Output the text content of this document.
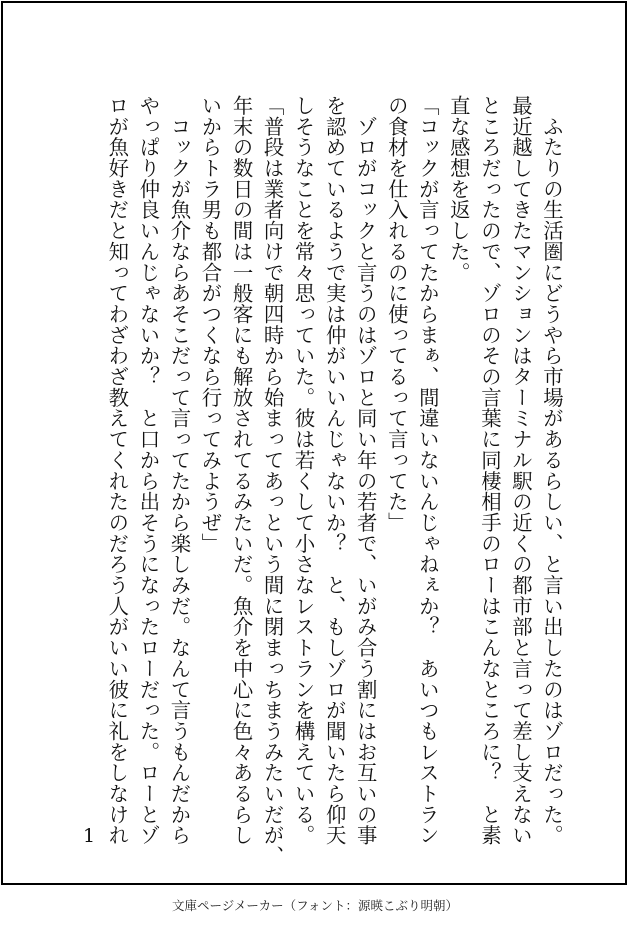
　ふたりの生活圏にどうやら市場があるらしい、と言い出したのはゾロだった。

最近越してきたマンションはターミナル駅の近くの都市部と言って差し支えない

ところだったので、ゾロのその言葉に同棲相手のローはこんなところに？　と素

直な感想を返した。

「コックが言ってたからまぁ、間違いないんじゃねぇか？　あいつもレストラン

の食材を仕入れるのに使ってるって言ってた」

　ゾロがコックと言うのはゾロと同い年の若者で、いがみ合う割にはお互いの事

を認めているようで実は仲がいいんじゃないか？　と、もしゾロが聞いたら仰天

しそうなことを常々思っていた。彼は若くして小さなレストランを構えている。

「普段は業者向けで朝四時から始まってあっという間に閉まっちまうみたいだが、

年末の数日の間は一般客にも解放されてるみたいだ。魚介を中心に色々あるらし

いからトラ男も都合がつくなら行ってみようぜ」

　コックが魚介ならあそこだって言ってたから楽しみだ。なんて言うもんだから

やっぱり仲良いんじゃないか？　と口から出そうになったローだった。ローとゾ

ロが魚好きだと知ってわざわざ教えてくれたのだろう人がいい彼に礼をしなけれ

1
文庫ページメーカー（フォント：源暎こぶり明朝）
